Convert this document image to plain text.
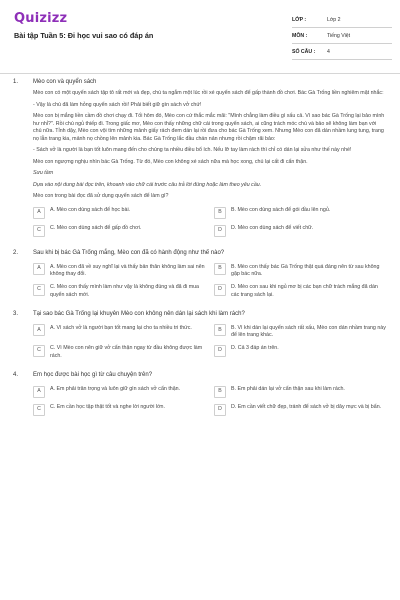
Quizizz
Bài tập Tuần 5: Đi học vui sao có đáp án
LỚP :	Lớp 2
MÔN :	Tiếng Việt
SỐ CÂU :	4
1. Mèo con và quyển sách

Mèo con có một quyển sách tập tô rất mới và đẹp, chú ta ngắm một lúc rồi xé quyển sách để gấp thành đồ chơi. Bác Gà Trống liền nghiêm mặt nhắc:

- Vậy là chú đã làm hỏng quyển sách rồi! Phải biết giữ gìn sách vở chứ!

Mèo con bị mắng liền cầm đồ chơi chạy đi. Tối hôm đó, Mèo con cứ thắc mắc mãi: "Mình chẳng làm điều gì xấu cả. Vì sao bác Gà Trống lại bảo mình hư nhỉ?". Rồi chú ngủ thiếp đi. Trong giấc mơ, Mèo con thấy những chữ cái trong quyển sách, ai cũng trách móc chú và bảo sẽ không làm bạn với chú nữa. Tỉnh dậy, Mèo con vội tìm những mảnh giấy rách đem dán lại rồi đưa cho bác Gà Trống xem. Nhưng Mèo con đã dán nhầm lung tung, trang nọ lẫn trang kia, mảnh nọ chồng lên mảnh kia. Bác Gà Trống lắc đầu chán nản nhưng rồi chậm rãi bảo:

- Sách vở là người là bạn tốt luôn mang đến cho chúng ta nhiều điều bổ ích. Nếu lỡ tay làm rách thì chỉ có dán lại sửa như thế này nhé!

Mèo con ngượng nghịu nhìn bác Gà Trống. Từ đó, Mèo con không xé sách nữa mà học xong, chú lại cất đi cẩn thận.

Sưu tầm

Dựa vào nội dung bài đọc trên, khoanh vào chữ cái trước câu trả lời đúng hoặc làm theo yêu cầu.

Mèo con trong bài đọc đã sử dụng quyển sách để làm gì?

A	A. Mèo con dùng sách để học bài.	B	B. Mèo con dùng sách để gói đầu lên ngủ.
C	C. Mèo con dùng sách để gấp đồ chơi.	D	D. Mèo con dùng sách để viết chữ.
2. Sau khi bị bác Gà Trống mắng, Mèo con đã có hành động như thế nào?
A	A. Mèo con đã về suy nghĩ lại và thấy bản thân không làm sai nên không thay đổi.
B	B. Mèo con thấy bác Gà Trống thật quá đáng nên từ sau không gặp bác nữa.
C	C. Mèo con thấy mình làm như vậy là không đúng và đã đi mua quyển sách mới.
D	D. Mèo con sau khi ngủ mơ bị các bạn chữ trách mắng đã dán các trang sách lại.
3. Tại sao bác Gà Trống lại khuyên Mèo con không nên dán lại sách khi làm rách?
A	A. Vì sách vở là người bạn tốt mang lại cho ta nhiều tri thức.	B	B. Vì khi dán lại quyển sách rất xấu, Mèo con dán nhầm trang này để lên trang khác.
C	C. Vì Mèo con nên giữ vở cẩn thận ngay từ đầu không được làm rách.
D	D. Cả 3 đáp án trên.
4. Em học được bài học gì từ câu chuyện trên?
A	A. Em phải trân trọng và luôn giữ gìn sách vở cẩn thận.	B	B. Em phải dán lại vở cẩn thận sau khi làm rách.
C	C. Em cần học tập thật tốt và nghe lời người lớn.	D	D. Em cần viết chữ đẹp, tránh để sách vở bị dây mực và bị bẩn.
